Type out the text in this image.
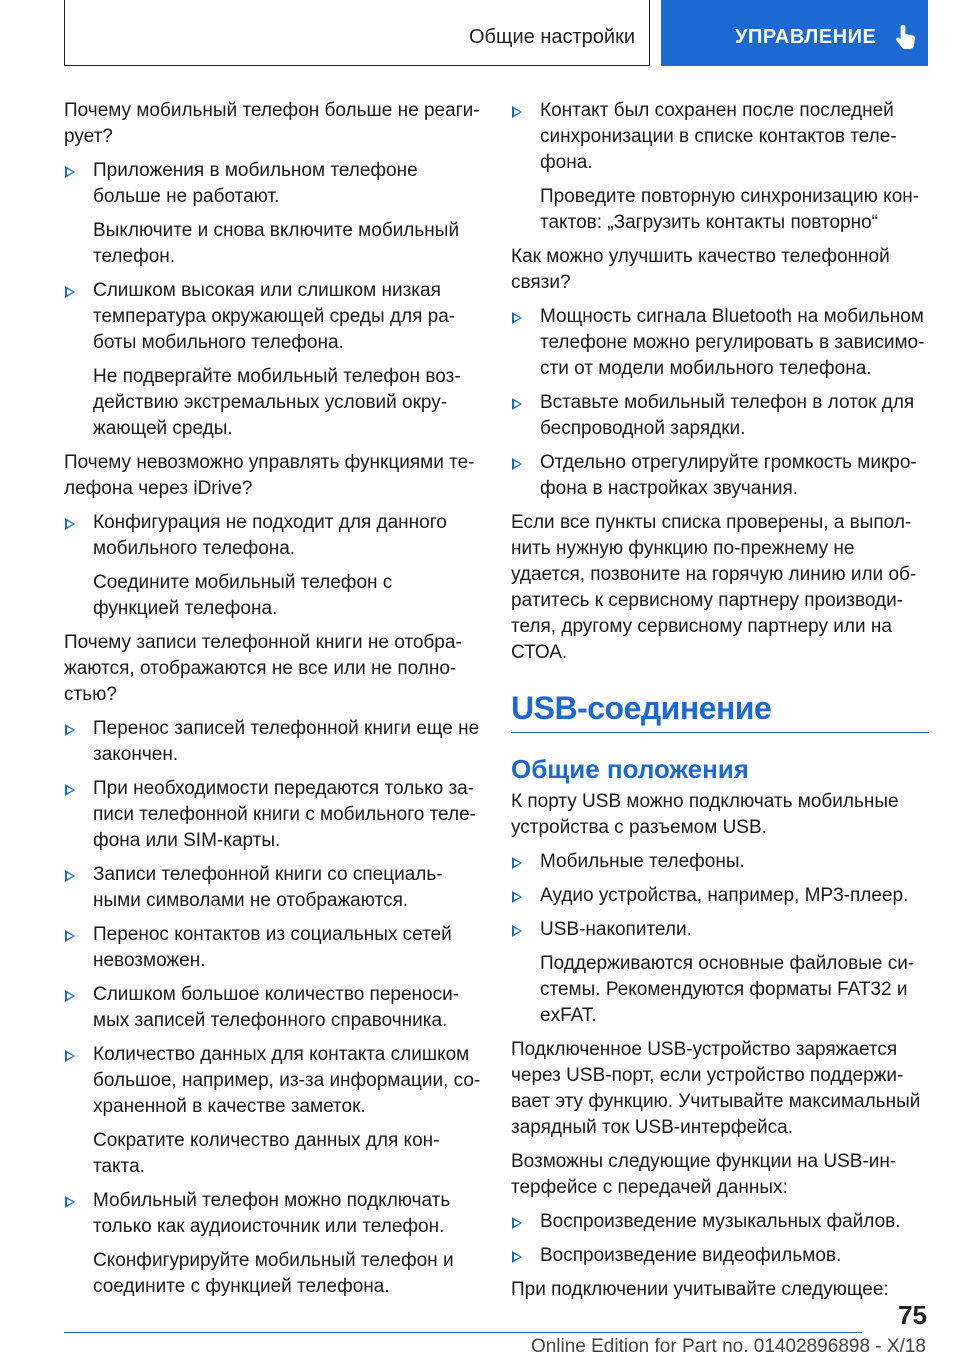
Общие настройки	УПРАВЛЕНИЕ

Почему мобильный телефон больше не реагирует?

Приложения в мобильном телефоне больше не работают.

Выключите и снова включите мобильный телефон.

Слишком высокая или слишком низкая температура окружающей среды для работы мобильного телефона.

Не подвергайте мобильный телефон воздействию экстремальных условий окружающей среды.

Почему невозможно управлять функциями телефона через iDrive?

Конфигурация не подходит для данного мобильного телефона.

Соедините мобильный телефон с функцией телефона.

Почему записи телефонной книги не отображаются, отображаются не все или не полностью?

Перенос записей телефонной книги еще не закончен.

При необходимости передаются только записи телефонной книги с мобильного телефона или SIM-карты.

Записи телефонной книги со специальными символами не отображаются.

Перенос контактов из социальных сетей невозможен.

Слишком большое количество переносимых записей телефонного справочника.

Количество данных для контакта слишком большое, например, из-за информации, сохраненной в качестве заметок.

Сократите количество данных для контакта.

Мобильный телефон можно подключать только как аудиоисточник или телефон.

Сконфигурируйте мобильный телефон и соедините с функцией телефона.

Контакт был сохранен после последней синхронизации в списке контактов телефона.

Проведите повторную синхронизацию контактов: „Загрузить контакты повторно“

Как можно улучшить качество телефонной связи?

Мощность сигнала Bluetooth на мобильном телефоне можно регулировать в зависимости от модели мобильного телефона.

Вставьте мобильный телефон в лоток для беспроводной зарядки.

Отдельно отрегулируйте громкость микрофона в настройках звучания.

Если все пункты списка проверены, а выполнить нужную функцию по-прежнему не удается, позвоните на горячую линию или обратитесь к сервисному партнеру производителя, другому сервисному партнеру или на СТОА.

USB-соединение
Общие положения

К порту USB можно подключать мобильные устройства с разъемом USB.

Мобильные телефоны.

Аудио устройства, например, MP3-плеер.

USB-накопители.

Поддерживаются основные файловые системы. Рекомендуются форматы FAT32 и exFAT.

Подключенное USB-устройство заряжается через USB-порт, если устройство поддерживает эту функцию. Учитывайте максимальный зарядный ток USB-интерфейса.

Возможны следующие функции на USB-интерфейсе с передачей данных:

Воспроизведение музыкальных файлов.

Воспроизведение видеофильмов.

При подключении учитывайте следующее:

75
Online Edition for Part no. 01402896898 - X/18
